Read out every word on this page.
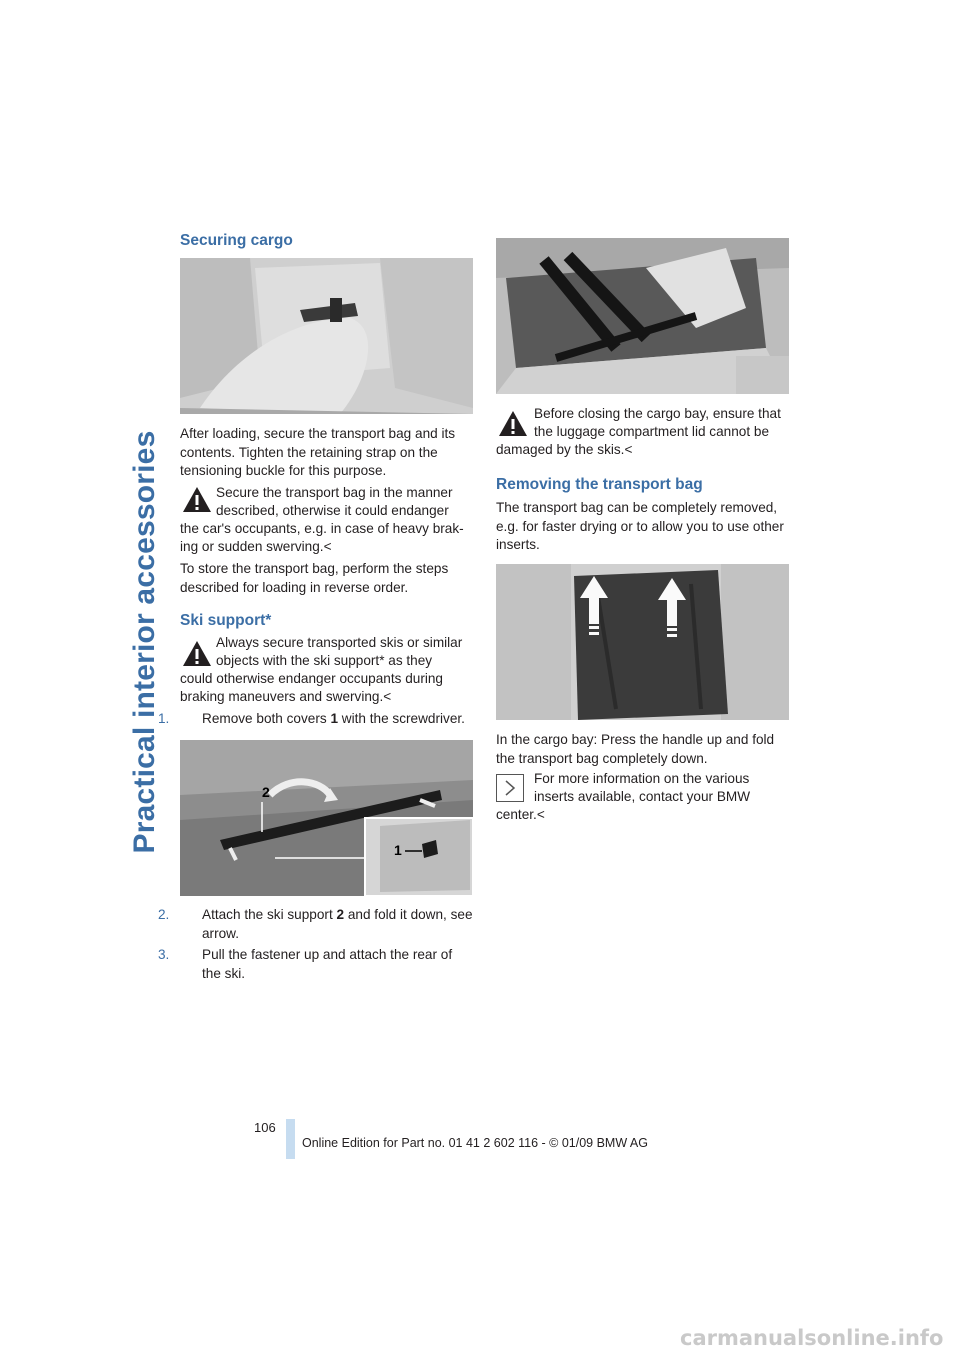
Practical interior accessories
Securing cargo

After loading, secure the transport bag and its contents. Tighten the retaining strap on the tensioning buckle for this purpose.

Secure the transport bag in the manner
described, otherwise it could endanger
the car's occupants, e.g. in case of heavy brak-
ing or sudden swerving.<

To store the transport bag, perform the steps described for loading in reverse order.

Ski support*
Always secure transported skis or similar
objects with the ski support* as they
could otherwise endanger occupants during
braking maneuvers and swerving.<
1. Remove both covers 1 with the screwdriver.
2
1
2. Attach the ski support 2 and fold it down, see arrow.
3. Pull the fastener up and attach the rear of the ski.
Before closing the cargo bay, ensure that
the luggage compartment lid cannot be
damaged by the skis.<
Removing the transport bag

The transport bag can be completely removed, e.g. for faster drying or to allow you to use other inserts.

In the cargo bay: Press the handle up and fold the transport bag completely down.

For more information on the various
inserts available, contact your BMW
center.<
106
Online Edition for Part no. 01 41 2 602 116 - © 01/09 BMW AG
carmanualsonline.info
